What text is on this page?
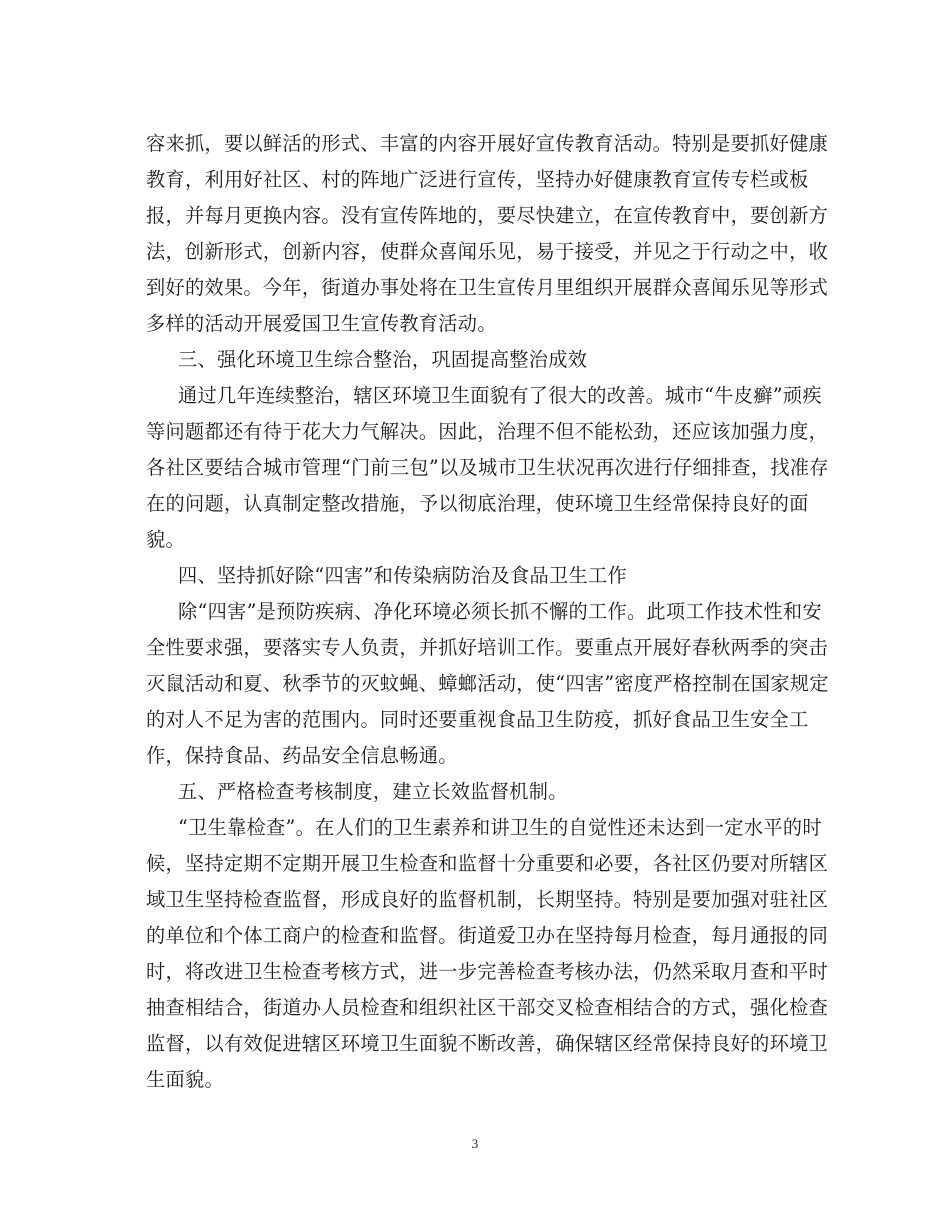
容来抓，要以鲜活的形式、丰富的内容开展好宣传教育活动。特别是要抓好健康
教育，利用好社区、村的阵地广泛进行宣传，坚持办好健康教育宣传专栏或板
报，并每月更换内容。没有宣传阵地的，要尽快建立，在宣传教育中，要创新方
法，创新形式，创新内容，使群众喜闻乐见，易于接受，并见之于行动之中，收
到好的效果。今年，街道办事处将在卫生宣传月里组织开展群众喜闻乐见等形式
多样的活动开展爱国卫生宣传教育活动。
三、强化环境卫生综合整治，巩固提高整治成效
通过几年连续整治，辖区环境卫生面貌有了很大的改善。城市“牛皮癣”顽疾
等问题都还有待于花大力气解决。因此，治理不但不能松劲，还应该加强力度，
各社区要结合城市管理“门前三包”以及城市卫生状况再次进行仔细排查，找准存
在的问题，认真制定整改措施，予以彻底治理，使环境卫生经常保持良好的面
貌。
四、坚持抓好除“四害”和传染病防治及食品卫生工作
除“四害”是预防疾病、净化环境必须长抓不懈的工作。此项工作技术性和安
全性要求强，要落实专人负责，并抓好培训工作。要重点开展好春秋两季的突击
灭鼠活动和夏、秋季节的灭蚊蝇、蟑螂活动，使“四害”密度严格控制在国家规定
的对人不足为害的范围内。同时还要重视食品卫生防疫，抓好食品卫生安全工
作，保持食品、药品安全信息畅通。
五、严格检查考核制度，建立长效监督机制。
“卫生靠检查”。在人们的卫生素养和讲卫生的自觉性还未达到一定水平的时
候，坚持定期不定期开展卫生检查和监督十分重要和必要，各社区仍要对所辖区
域卫生坚持检查监督，形成良好的监督机制，长期坚持。特别是要加强对驻社区
的单位和个体工商户的检查和监督。街道爱卫办在坚持每月检查，每月通报的同
时，将改进卫生检查考核方式，进一步完善检查考核办法，仍然采取月查和平时
抽查相结合，街道办人员检查和组织社区干部交叉检查相结合的方式，强化检查
监督，以有效促进辖区环境卫生面貌不断改善，确保辖区经常保持良好的环境卫
生面貌。
3
